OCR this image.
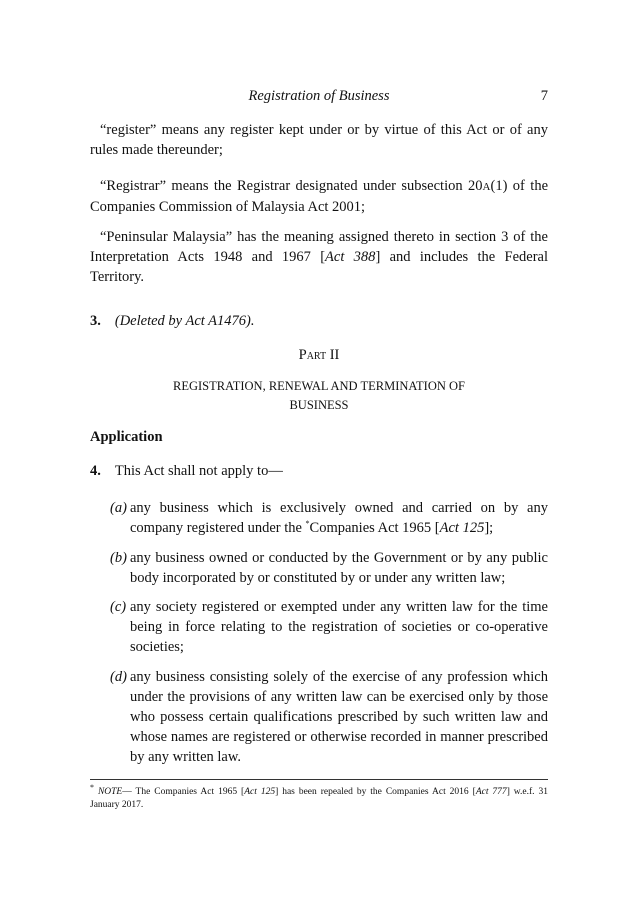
Registration of Business	7
“register” means any register kept under or by virtue of this Act or of any rules made thereunder;
“Registrar” means the Registrar designated under subsection 20A(1) of the Companies Commission of Malaysia Act 2001;
“Peninsular Malaysia” has the meaning assigned thereto in section 3 of the Interpretation Acts 1948 and 1967 [Act 388] and includes the Federal Territory.
3. (Deleted by Act A1476).
Part II
REGISTRATION, RENEWAL AND TERMINATION OF BUSINESS
Application
4. This Act shall not apply to—
(a) any business which is exclusively owned and carried on by any company registered under the *Companies Act 1965 [Act 125];
(b) any business owned or conducted by the Government or by any public body incorporated by or constituted by or under any written law;
(c) any society registered or exempted under any written law for the time being in force relating to the registration of societies or co-operative societies;
(d) any business consisting solely of the exercise of any profession which under the provisions of any written law can be exercised only by those who possess certain qualifications prescribed by such written law and whose names are registered or otherwise recorded in manner prescribed by any written law.
* NOTE— The Companies Act 1965 [Act 125] has been repealed by the Companies Act 2016 [Act 777] w.e.f. 31 January 2017.
